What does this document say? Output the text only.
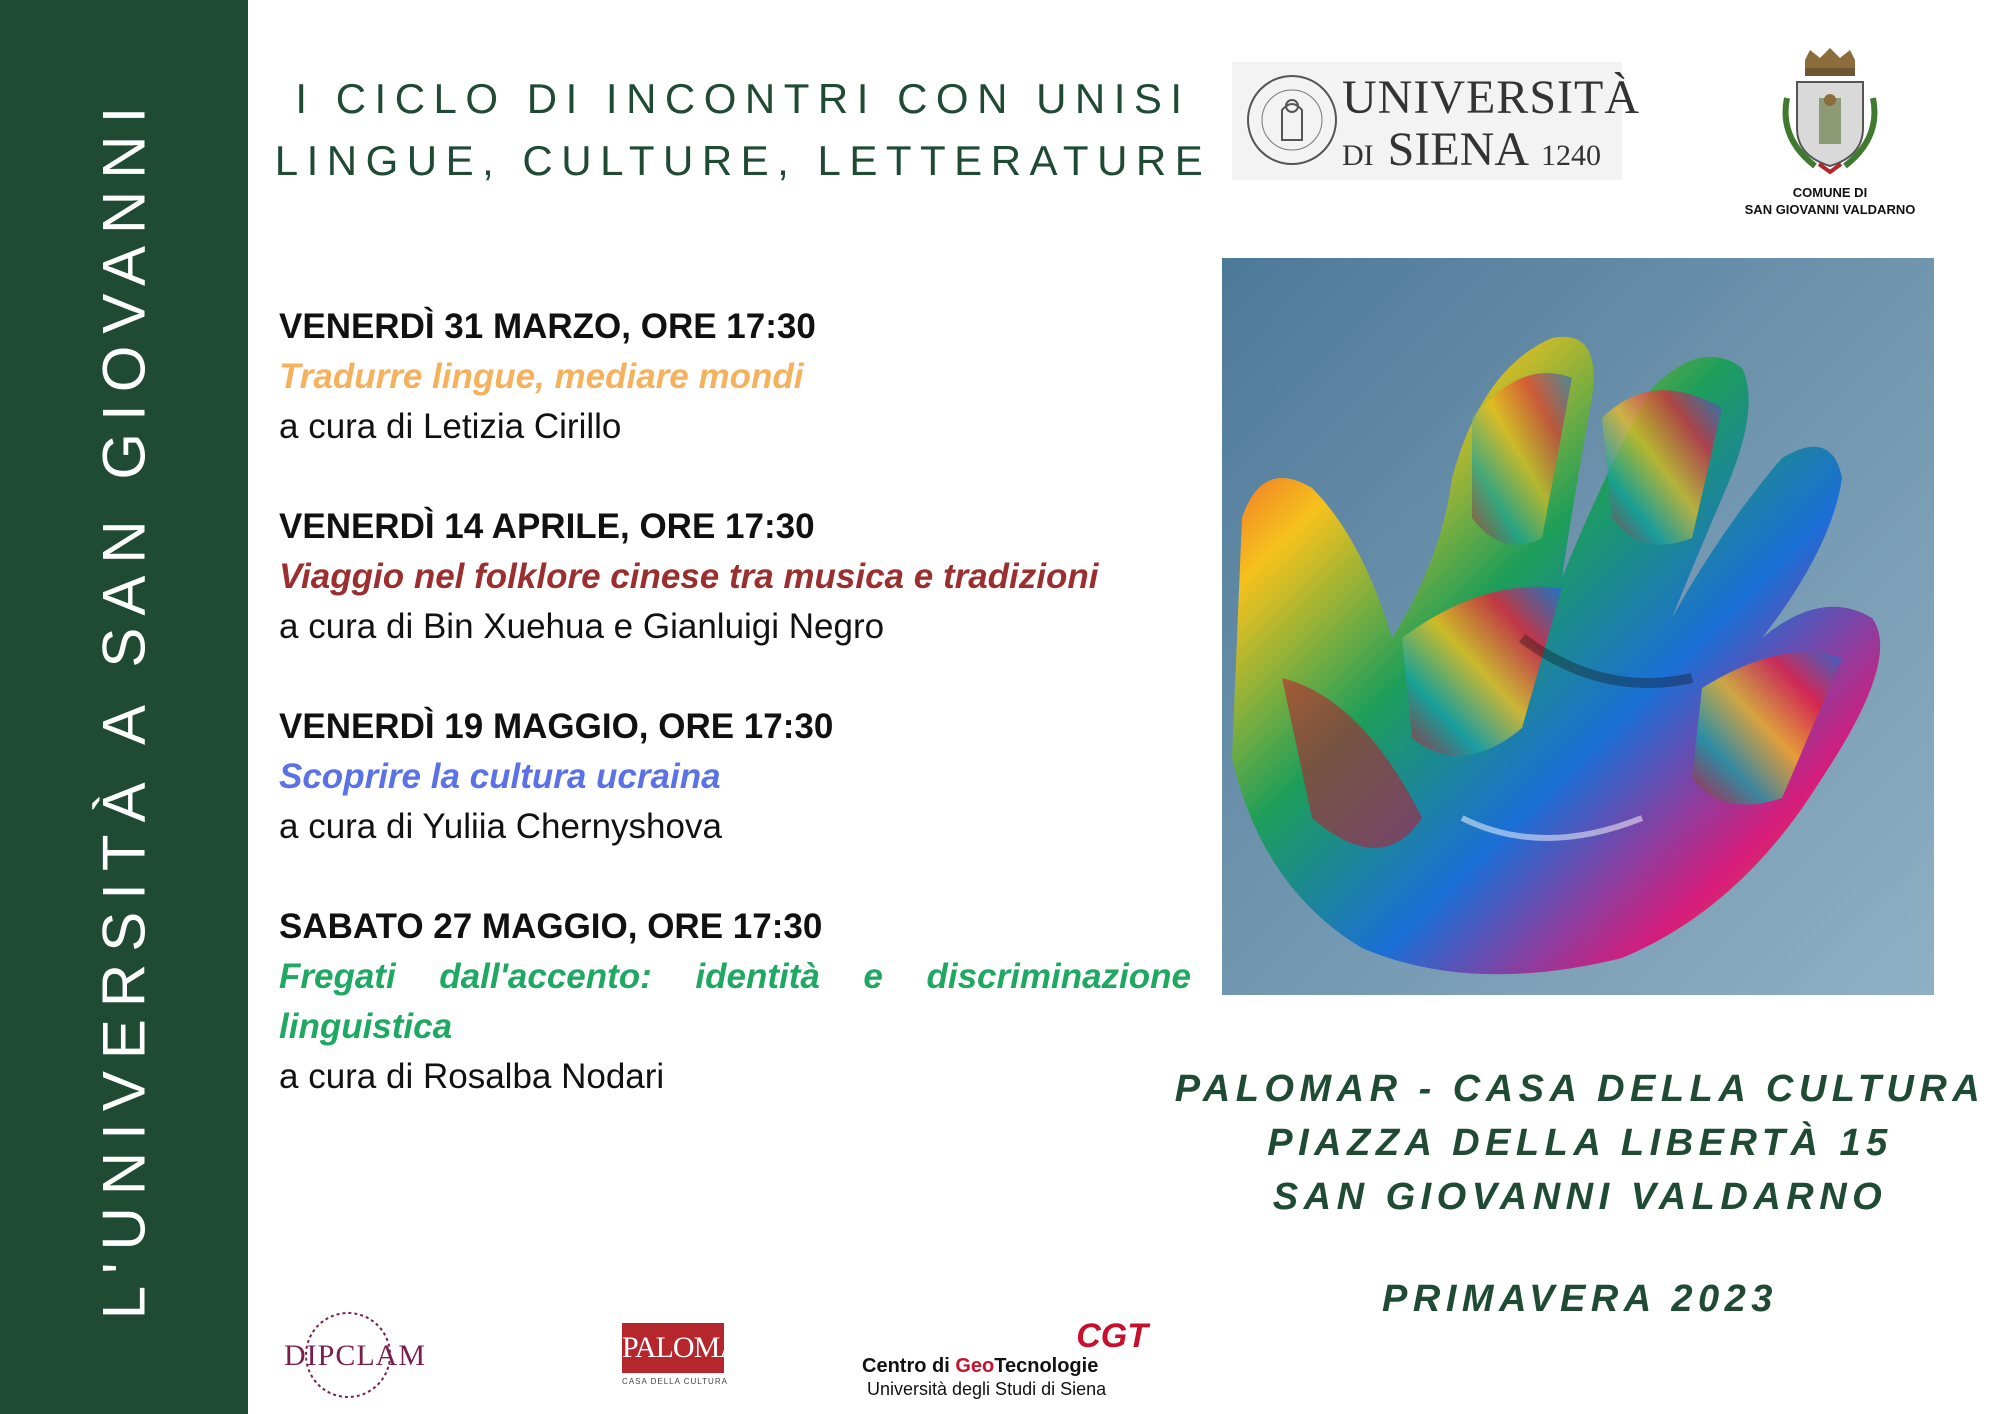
L'UNIVERSITÀ A SAN GIOVANNI	I CICLO DI INCONTRI CON UNISI
LINGUE, CULTURE, LETTERATURE
UNIVERSITÀ
DI SIENA 1240
COMUNE DI
SAN GIOVANNI VALDARNO
VENERDÌ 31 MARZO, ORE 17:30
Tradurre lingue, mediare mondi
a cura di Letizia Cirillo
VENERDÌ 14 APRILE, ORE 17:30
Viaggio nel folklore cinese tra musica e tradizioni
a cura di Bin Xuehua e Gianluigi Negro
VENERDÌ 19 MAGGIO, ORE 17:30
Scoprire la cultura ucraina
a cura di Yuliia Chernyshova
SABATO 27 MAGGIO, ORE 17:30
Fregati dall'accento: identità e discriminazione linguistica
a cura di Rosalba Nodari	PALOMAR - CASA DELLA CULTURA
PIAZZA DELLA LIBERTÀ 15
SAN GIOVANNI VALDARNO
PRIMAVERA 2023
DIPCLAM	PALOMAR
CASA DELLA CULTURA
CGT
Centro di GeoTecnologie
Università degli Studi di Siena
